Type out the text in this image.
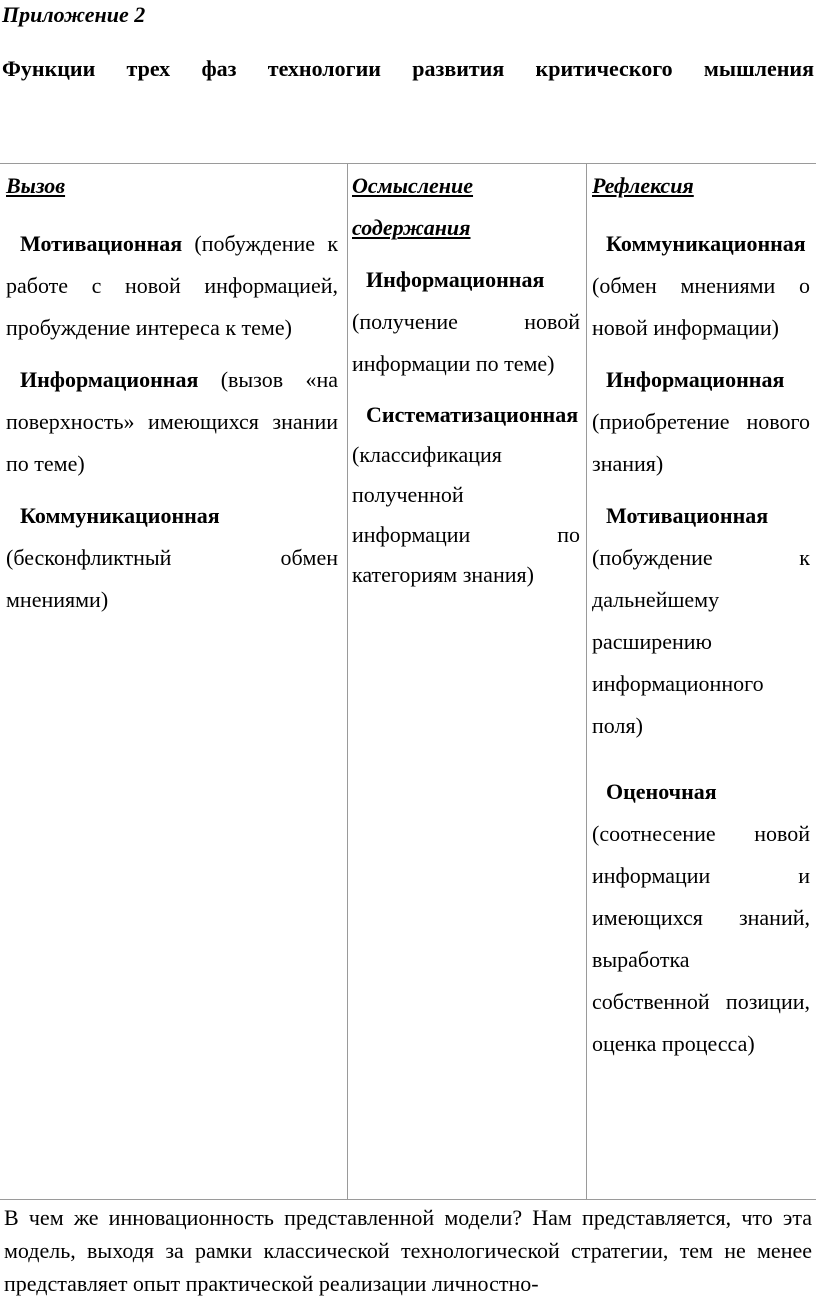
Приложение 2
Функции трех фаз технологии развития критического мышления
Вызов
Мотивационная (побуждение к работе с новой информацией, пробуждение интереса к теме)
Информационная (вызов «на поверхность» имеющихся знании по теме)
Коммуникационная (бесконфликтный обмен мнениями)
Осмысление содержания
Информационная (получение новой информации по теме)
Систематизационная (классификация полученной информации по категориям знания)
Рефлексия
Коммуникационная (обмен мнениями о новой информации)
Информационная (приобретение нового знания)
Мотивационная (побуждение к дальнейшему расширению информационного поля)
Оценочная (соотнесение новой информации и имеющихся знаний, выработка собственной позиции, оценка процесса)
В чем же инновационность представленной модели? Нам представляется, что эта модель, выходя за рамки классической технологической стратегии, тем не менее представляет опыт практической реализации личностно-
